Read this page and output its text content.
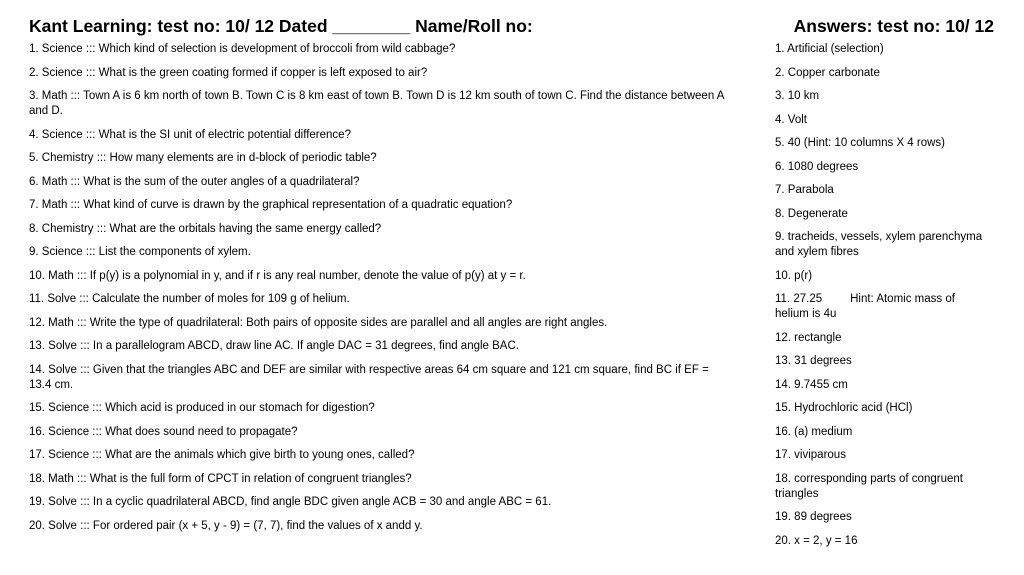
Kant Learning: test no: 10/ 12 Dated ________ Name/Roll no:	Answers: test no: 10/ 12

1. Science ::: Which kind of selection is development of broccoli from wild cabbage?

2. Science ::: What is the green coating formed if copper is left exposed to air?

3. Math ::: Town A is 6 km north of town B. Town C is 8 km east of town B. Town D is 12 km south of town C. Find the distance between A and D.

4. Science ::: What is the SI unit of electric potential difference?

5. Chemistry ::: How many elements are in d-block of periodic table?

6. Math ::: What is the sum of the outer angles of a quadrilateral?

7. Math ::: What kind of curve is drawn by the graphical representation of a quadratic equation?

8. Chemistry ::: What are the orbitals having the same energy called?

9. Science ::: List the components of xylem.

10. Math ::: If p(y) is a polynomial in y, and if r is any real number, denote the value of p(y) at y = r.

11. Solve ::: Calculate the number of moles for 109 g of helium.

12. Math ::: Write the type of quadrilateral: Both pairs of opposite sides are parallel and all angles are right angles.

13. Solve ::: In a parallelogram ABCD, draw line AC. If angle DAC = 31 degrees, find angle BAC.

14. Solve ::: Given that the triangles ABC and DEF are similar with respective areas 64 cm square and 121 cm square, find BC if EF = 13.4 cm.

15. Science ::: Which acid is produced in our stomach for digestion?

16. Science ::: What does sound need to propagate?

17. Science ::: What are the animals which give birth to young ones, called?

18. Math ::: What is the full form of CPCT in relation of congruent triangles?

19. Solve ::: In a cyclic quadrilateral ABCD, find angle BDC given angle ACB = 30 and angle ABC = 61.

20. Solve ::: For ordered pair (x + 5, y - 9) = (7, 7), find the values of x andd y.

1. Artificial (selection)

2. Copper carbonate

3. 10 km

4. Volt

5. 40 (Hint: 10 columns X 4 rows)

6. 1080 degrees

7. Parabola

8. Degenerate

9. tracheids, vessels, xylem parenchyma and xylem fibres

10. p(r)

11. 27.25 Hint: Atomic mass of helium is 4u

12. rectangle

13. 31 degrees

14. 9.7455 cm

15. Hydrochloric acid (HCl)

16. (a) medium

17. viviparous

18. corresponding parts of congruent triangles

19. 89 degrees

20. x = 2, y = 16
